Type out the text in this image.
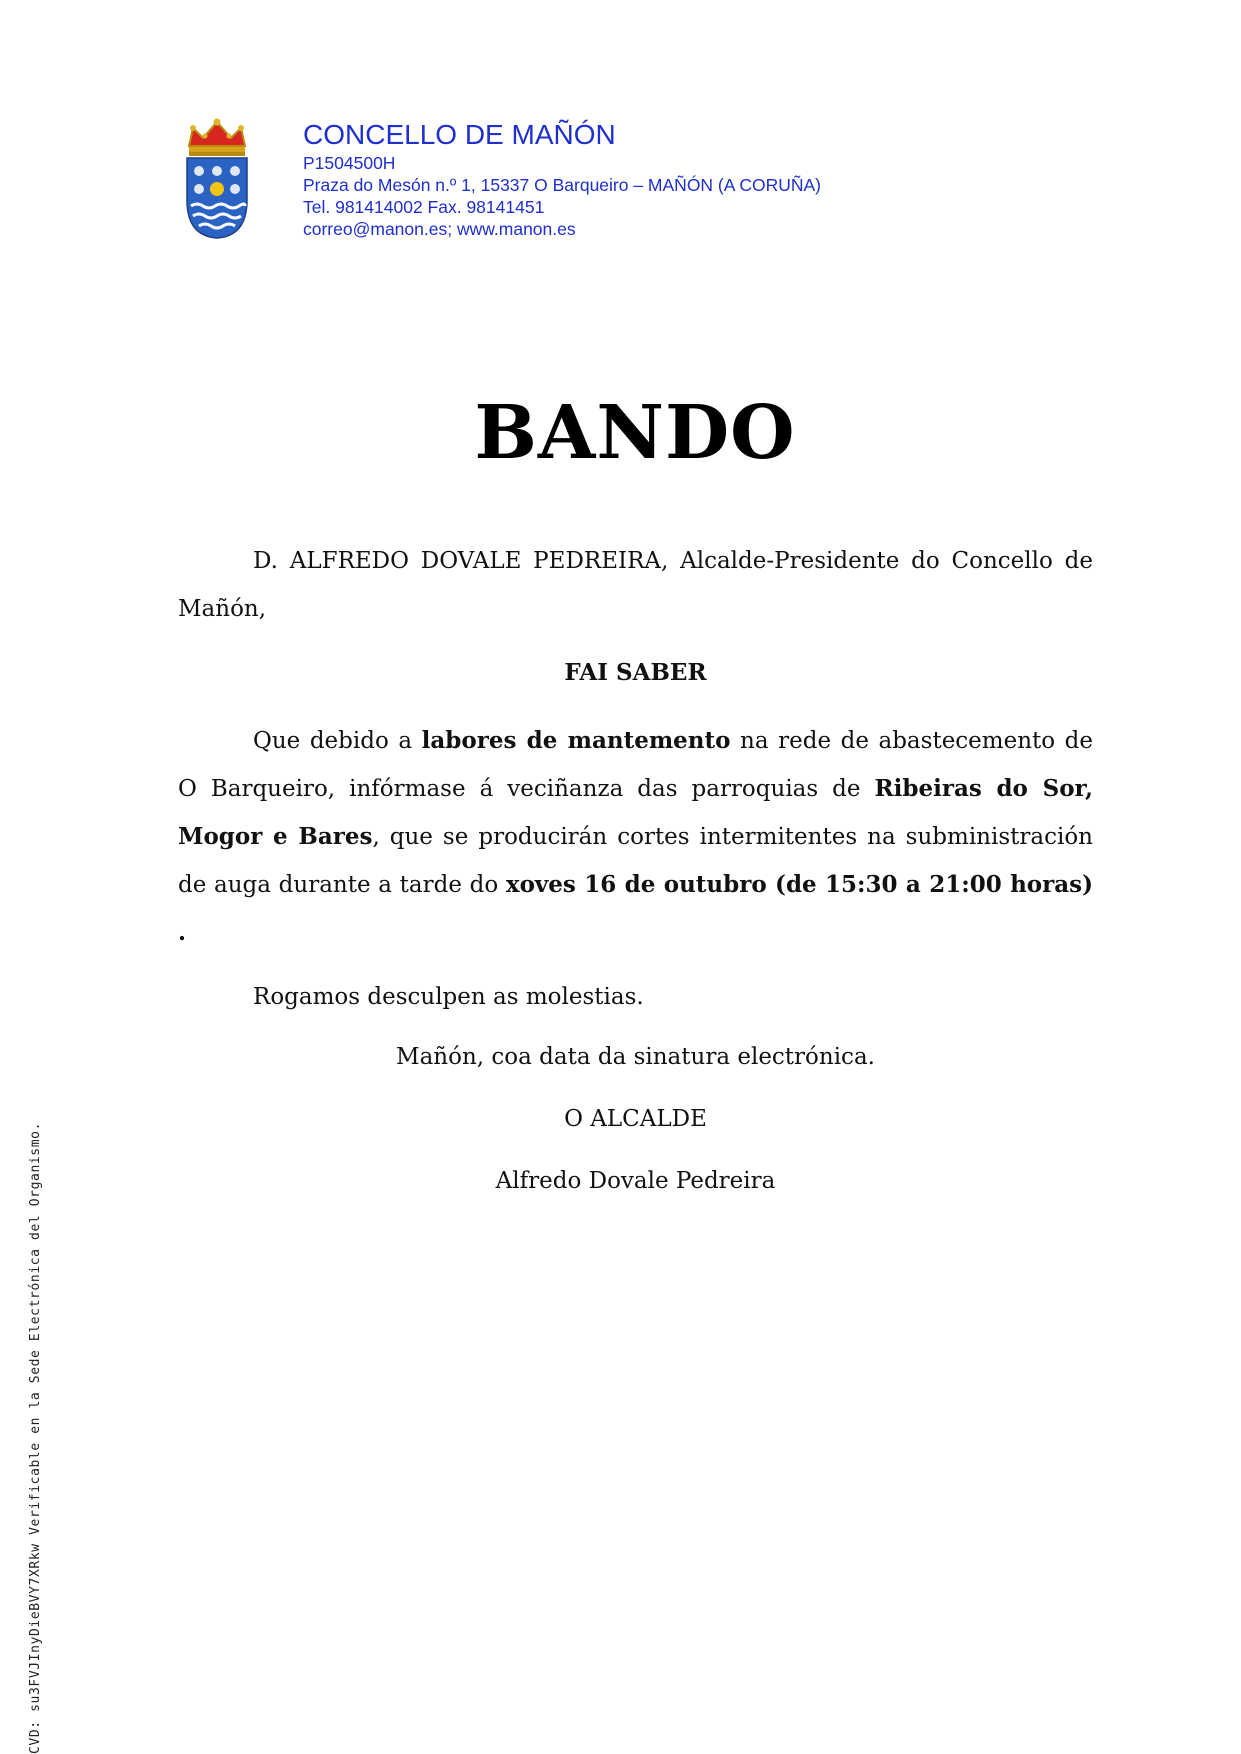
CONCELLO DE MAÑÓN
P1504500H
Praza do Mesón n.º 1, 15337 O Barqueiro – MAÑÓN (A CORUÑA)
Tel. 981414002 Fax. 98141451
correo@manon.es; www.manon.es
BANDO

D. ALFREDO DOVALE PEDREIRA, Alcalde-Presidente do Concello de Mañón,

FAI SABER

Que debido a labores de mantemento na rede de abastecemento de O Barqueiro, infórmase á veciñanza das parroquias de Ribeiras do Sor, Mogor e Bares, que se producirán cortes intermitentes na subministración de auga durante a tarde do xoves 16 de outubro (de 15:30 a 21:00 horas) .

Rogamos desculpen as molestias.

Mañón, coa data da sinatura electrónica.

O ALCALDE

Alfredo Dovale Pedreira

CVD: su3FVJInyDieBVY7XRkw Verificable en la Sede Electrónica del Organismo.
